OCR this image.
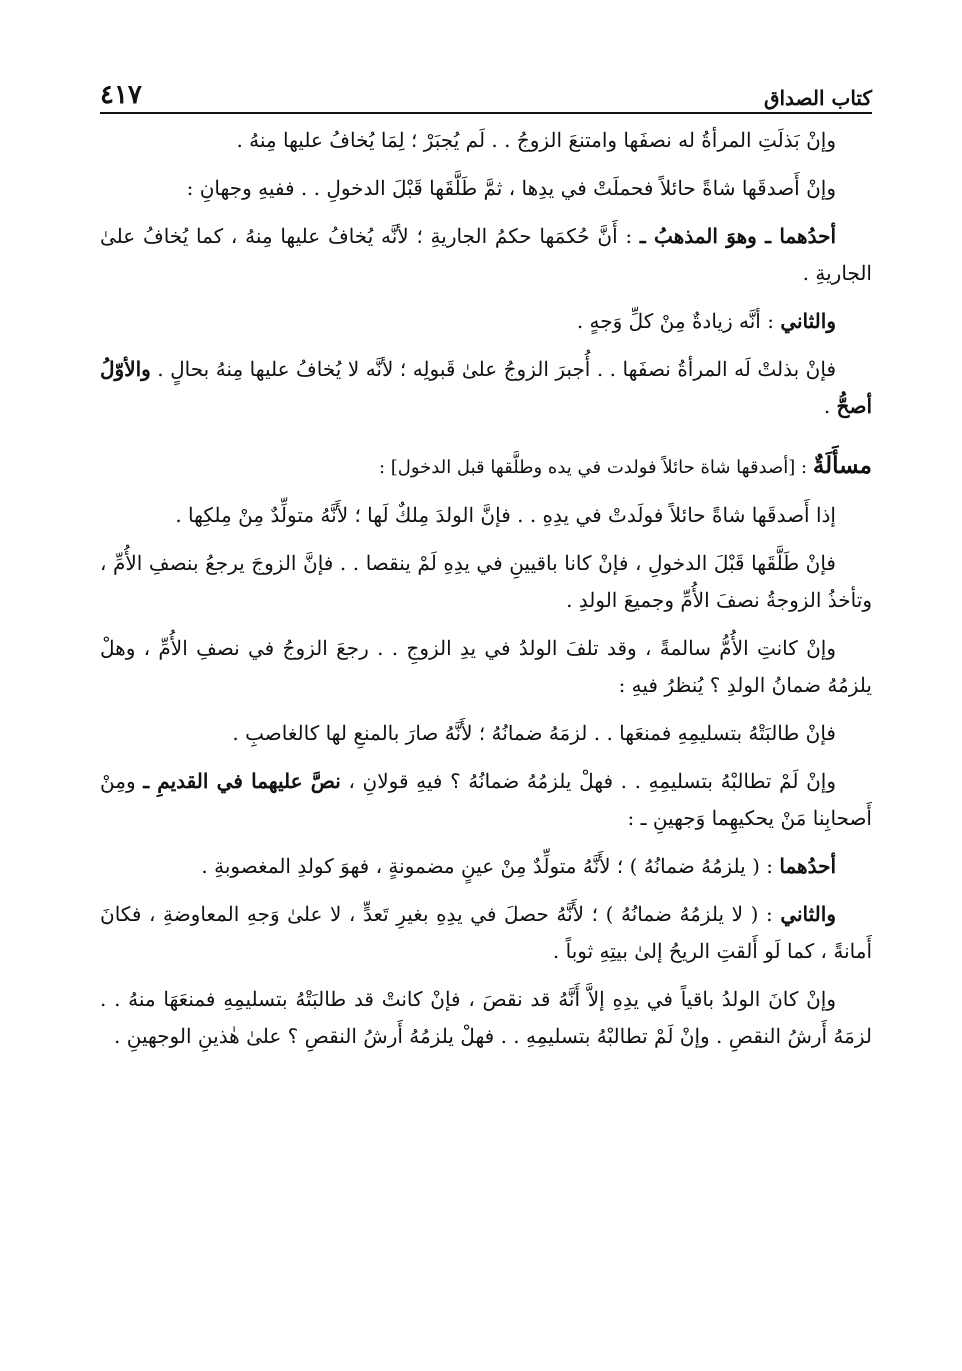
كتاب الصداق
٤١٧

وإنْ بَذلَتِ المرأةُ له نصفَها وامتنعَ الزوجُ . . لَم يُجبَرْ ؛ لِمَا يُخافُ عليها مِنهُ .

وإنْ أَصدقَها شاةً حائلاً فحملَتْ في يدِها ، ثمَّ طَلَّقَها قَبْلَ الدخولِ . . ففيهِ وجهانِ :

أحدُهما ـ وهوَ المذهبُ ـ : أَنَّ حُكمَها حكمُ الجاريةِ ؛ لأنَّه يُخافُ عليها مِنهُ ، كما يُخافُ علىٰ الجاريةِ .

والثاني : أنَّه زيادةٌ مِنْ كلِّ وَجهٍ .

فإنْ بذلتْ لَه المرأةُ نصفَها . . أُجبرَ الزوجُ علىٰ قَبولِه ؛ لأنَّه لا يُخافُ عليها مِنهُ بحالٍ . والأوّلُ أصحُّ .

مسأَلَةٌ : [أصدقها شاة حائلاً فولدت في يده وطلَّقها قبل الدخول] :

إذا أَصدقَها شاةً حائلاً فولَدتْ في يدِهِ . . فإنَّ الولدَ مِلكٌ لَها ؛ لأَنَّهُ متولِّدٌ مِنْ مِلكِها .

فإنْ طَلَّقَها قَبْلَ الدخولِ ، فإنْ كانا باقيينِ في يدِهِ لَمْ ينقصا . . فإنَّ الزوجَ يرجعُ بنصفِ الأُمِّ ، وتأخذُ الزوجةُ نصفَ الأُمِّ وجميعَ الولدِ .

وإنْ كانتِ الأُمُّ سالمةً ، وقد تلفَ الولدُ في يدِ الزوجِ . . رجعَ الزوجُ في نصفِ الأُمِّ ، وهلْ يلزمُهُ ضمانُ الولدِ ؟ يُنظرُ فيهِ :

فإنْ طالبَتْهُ بتسليمِهِ فمنعَها . . لزمَهُ ضمانُهُ ؛ لأَنَّهُ صارَ بالمنعِ لها كالغاصبِ .

وإنْ لَمْ تطالبْهُ بتسليمِهِ . . فهلْ يلزمُهُ ضمانُهُ ؟ فيهِ قولانِ ، نصَّ عليهما في القديمِ ـ ومِنْ أَصحابِنا مَنْ يحكيهِما وَجهينِ ـ :

أحدُهما : ( يلزمُهُ ضمانُهُ ) ؛ لأَنَّهُ متولِّدٌ مِنْ عينٍ مضمونةٍ ، فهوَ كولدِ المغصوبةِ .

والثاني : ( لا يلزمُهُ ضمانُهُ ) ؛ لأَنَّهُ حصلَ في يدِهِ بغيرِ تَعدٍّ ، لا علىٰ وَجهِ المعاوضةِ ، فكانَ أَمانةً ، كما لَو أَلقتِ الريحُ إلىٰ بيتِهِ ثوباً .

وإنْ كانَ الولدُ باقياً في يدِهِ إلاَّ أَنَّهُ قد نقصَ ، فإنْ كانتْ قد طالبَتْهُ بتسليمِهِ فمنعَهَا منهُ . . لزمَهُ أَرشُ النقصِ . وإنْ لَمْ تطالبْهُ بتسليمِهِ . . فهلْ يلزمُهُ أَرشُ النقصِ ؟ علىٰ هٰذينِ الوجهينِ .
